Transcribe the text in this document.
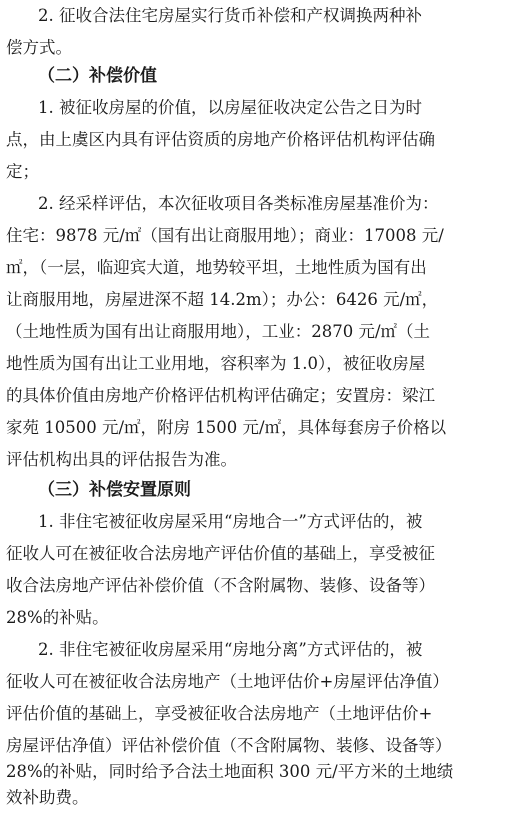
2. 征收合法住宅房屋实行货币补偿和产权调换两种补
偿方式。
（二）补偿价值
1. 被征收房屋的价值，以房屋征收决定公告之日为时
点，由上虞区内具有评估资质的房地产价格评估机构评估确
定；
2. 经采样评估，本次征收项目各类标准房屋基准价为：
住宅：9878 元/㎡（国有出让商服用地）；商业：17008 元/
㎡，（一层，临迎宾大道，地势较平坦，土地性质为国有出
让商服用地，房屋进深不超 14.2m）；办公：6426 元/㎡，
（土地性质为国有出让商服用地），工业：2870 元/㎡（土
地性质为国有出让工业用地，容积率为 1.0），被征收房屋
的具体价值由房地产价格评估机构评估确定；安置房：梁江
家苑 10500 元/㎡，附房 1500 元/㎡，具体每套房子价格以
评估机构出具的评估报告为准。
（三）补偿安置原则
1. 非住宅被征收房屋采用“房地合一”方式评估的，被
征收人可在被征收合法房地产评估价值的基础上，享受被征
收合法房地产评估补偿价值（不含附属物、装修、设备等）
28%的补贴。
2. 非住宅被征收房屋采用“房地分离”方式评估的，被
征收人可在被征收合法房地产（土地评估价+房屋评估净值）
评估价值的基础上，享受被征收合法房地产（土地评估价+
房屋评估净值）评估补偿价值（不含附属物、装修、设备等）
28%的补贴，同时给予合法土地面积 300 元/平方米的土地绩
效补助费。
